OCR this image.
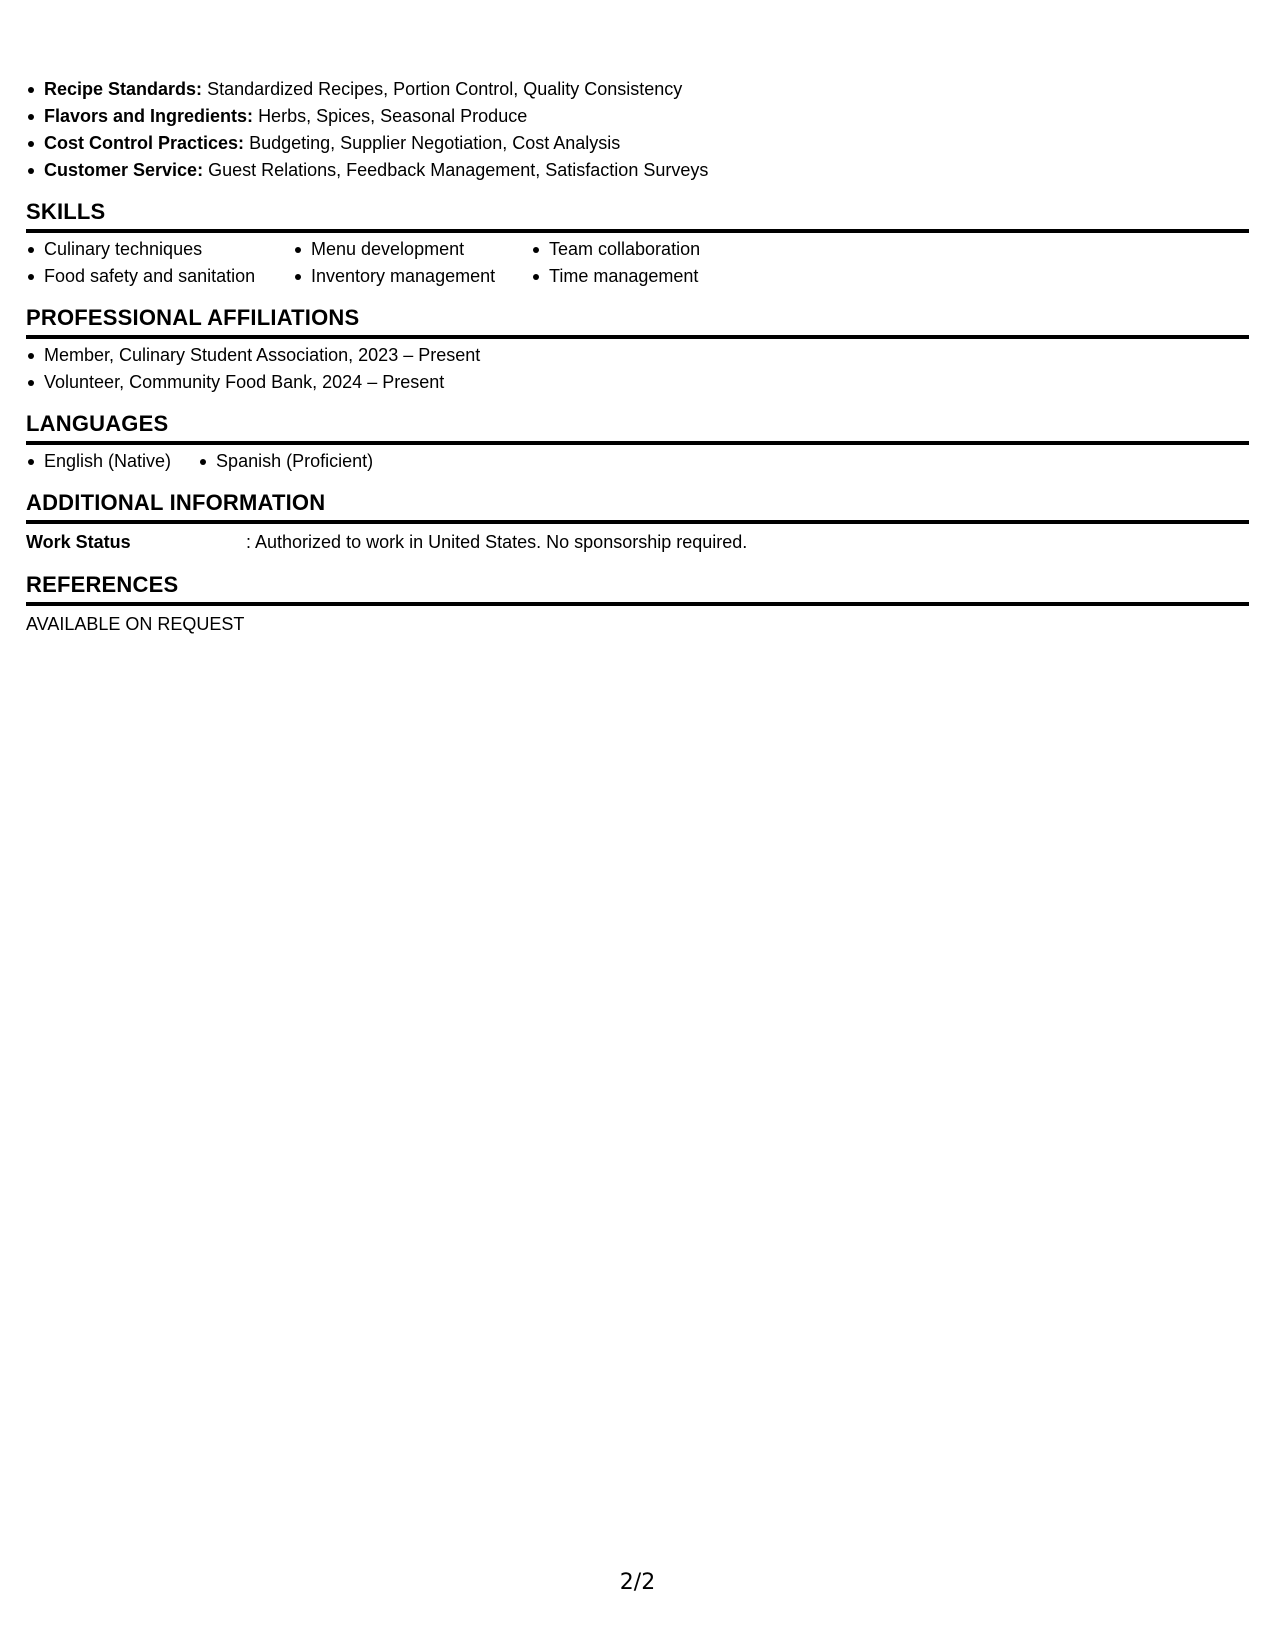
Recipe Standards: Standardized Recipes, Portion Control, Quality Consistency
Flavors and Ingredients: Herbs, Spices, Seasonal Produce
Cost Control Practices: Budgeting, Supplier Negotiation, Cost Analysis
Customer Service: Guest Relations, Feedback Management, Satisfaction Surveys
SKILLS
Culinary techniques
Food safety and sanitation
Menu development
Inventory management
Team collaboration
Time management
PROFESSIONAL AFFILIATIONS
Member, Culinary Student Association, 2023 – Present
Volunteer, Community Food Bank, 2024 – Present
LANGUAGES
English (Native)	Spanish (Proficient)
ADDITIONAL INFORMATION
Work Status	: Authorized to work in United States. No sponsorship required.
REFERENCES
AVAILABLE ON REQUEST
2/2
